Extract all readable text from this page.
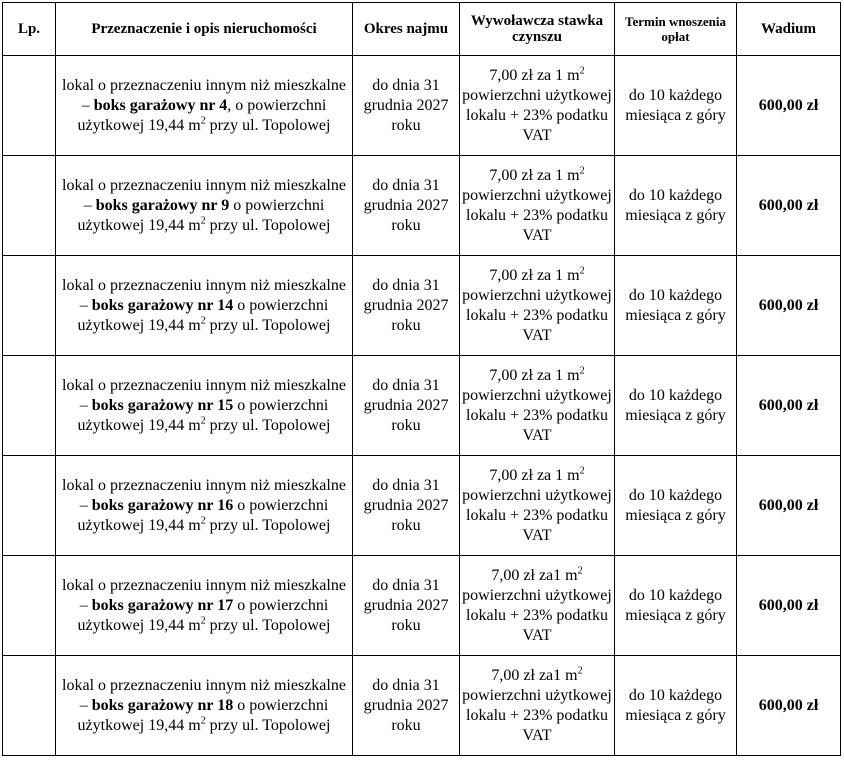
Lp.	Przeznaczenie i opis nieruchomości	Okres najmu	Wywoławcza stawka czynszu	Termin wnoszenia opłat	Wadium
	lokal o przeznaczeniu innym niż mieszkalne – boks garażowy nr 4, o powierzchni użytkowej 19,44 $m^2$ przy ul. Topolowej	do dnia 31 grudnia 2027 roku	7,00 zł za 1 $m^2$ powierzchni użytkowej lokalu + 23% podatku VAT	do 10 każdego miesiąca z góry	600,00 zł
	lokal o przeznaczeniu innym niż mieszkalne – boks garażowy nr 9 o powierzchni użytkowej 19,44 $m^2$ przy ul. Topolowej	do dnia 31 grudnia 2027 roku	7,00 zł za 1 $m^2$ powierzchni użytkowej lokalu + 23% podatku VAT	do 10 każdego miesiąca z góry	600,00 zł
	lokal o przeznaczeniu innym niż mieszkalne – boks garażowy nr 14 o powierzchni użytkowej 19,44 $m^2$ przy ul. Topolowej	do dnia 31 grudnia 2027 roku	7,00 zł za 1 $m^2$ powierzchni użytkowej lokalu + 23% podatku VAT	do 10 każdego miesiąca z góry	600,00 zł
	lokal o przeznaczeniu innym niż mieszkalne – boks garażowy nr 15 o powierzchni użytkowej 19,44 $m^2$ przy ul. Topolowej	do dnia 31 grudnia 2027 roku	7,00 zł za 1 $m^2$ powierzchni użytkowej lokalu + 23% podatku VAT	do 10 każdego miesiąca z góry	600,00 zł
	lokal o przeznaczeniu innym niż mieszkalne – boks garażowy nr 16 o powierzchni użytkowej 19,44 $m^2$ przy ul. Topolowej	do dnia 31 grudnia 2027 roku	7,00 zł za 1 $m^2$ powierzchni użytkowej lokalu + 23% podatku VAT	do 10 każdego miesiąca z góry	600,00 zł
	lokal o przeznaczeniu innym niż mieszkalne – boks garażowy nr 17 o powierzchni użytkowej 19,44 $m^2$ przy ul. Topolowej	do dnia 31 grudnia 2027 roku	7,00 zł za1 $m^2$ powierzchni użytkowej lokalu + 23% podatku VAT	do 10 każdego miesiąca z góry	600,00 zł
	lokal o przeznaczeniu innym niż mieszkalne – boks garażowy nr 18 o powierzchni użytkowej 19,44 $m^2$ przy ul. Topolowej	do dnia 31 grudnia 2027 roku	7,00 zł za1 $m^2$ powierzchni użytkowej lokalu + 23% podatku VAT	do 10 każdego miesiąca z góry	600,00 zł
